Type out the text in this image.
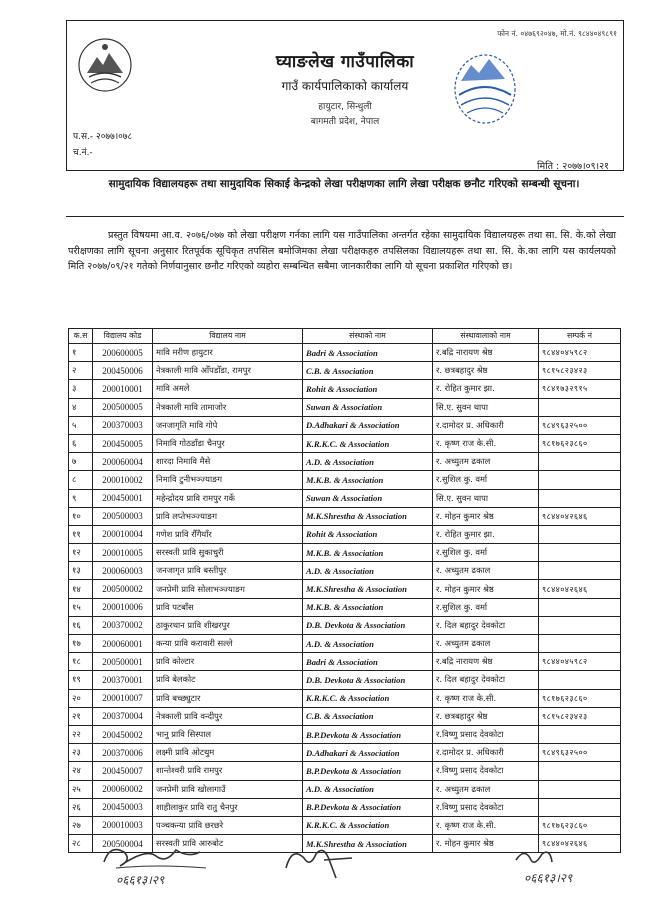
फोन नं. ०४७६९२०४७, मो.नं. ९८४४०४९८९१
घ्याङलेख गाउँपालिका
गाउँ कार्यपालिकाको कार्यालय
हायुटार, सिन्धुली
बागमती प्रदेश, नेपाल
प.स.- २०७७।०७८
च.नं.-
मिति : २०७७।०९।२१
सामुदायिक विद्यालयहरू तथा सामुदायिक सिकाई केन्द्रको लेखा परीक्षणका लागि लेखा परीक्षक छनौट गरिएको सम्बन्धी सूचना।
प्रस्तुत विषयमा आ.व. २०७६/०७७ को लेखा परीक्षण गर्नका लागि यस गाउँपालिका अन्तर्गत रहेका सामुदायिक विद्यालयहरू तथा सा. सि. के.को लेखा परीक्षणका लागि सूचना अनुसार रितपूर्वक सूचिकृत तपसिल बमोजिमका लेखा परीक्षकहरु तपसिलका विद्यालयहरू तथा सा. सि. के.का लागि यस कार्यलयको मिति २०७७/०९/२१ गतेको निर्णयानुसार छनौट गरिएको व्यहोरा सम्बन्धित सबैमा जानकारीका लागि यो सूचना प्रकाशित गरिएको छ।
क.स	विद्यालय कोड	विद्यालय नाम	संस्थाको नाम	संस्थावालाको नाम	सम्पर्क नं
१	200600005	मावि मरीण हायुटार	Badri & Association	र.बद्रि नारायण श्रेष्ठ	९८४४०४५९८२
२	200450006	नेत्रकाली मावि ओँपडोँडा, रामपुर	C.B. & Association	र. छत्रबहादुर श्रेष्ठ	९८१५८२३४२३
३	200010001	मावि अमले	Rohit & Association	र. रोहित कुमार झा.	९८४१७३२९१५
४	200500005	नेत्रकाली मावि तामाजोर	Suwan & Association	सि.ए. सुवन थापा	
५	200370003	जनजागृति मावि गोपे	D.Adhakari & Association	र.दामोदर प्र. अधिकारी	९८४९६३२५००
६	200450005	निमावि गोठडाँडा चैनपुर	K.R.K.C. & Association	र. कृष्ण राज के.सी.	९८१७६२३८६०
७	200060004	शारदा निमावि मैसे	A.D. & Association	र. अच्युतम ढकाल	
८	200010002	निमावि टुनीभञ्ज्याङग	M.K.B. & Association	र.सुशिल कु. वर्मा	
९	200450001	महेन्द्रोदय प्रावि रामपुर गर्के	Suwan & Association	सि.ए. सुवन थापा	
१०	200500003	प्रावि लप्तेभञ्ज्याङग	M.K.Shrestha & Association	र. मोहन कुमार श्रेष्ठ	९८४४०४२६४६
११	200010004	गणेश प्रावि रौँगैयाँर	Rohit & Association	र. रोहित कुमार झा.	
१२	200010005	सरस्वती प्रावि सुकाचुरी	M.K.B. & Association	र.सुशिल कु. वर्मा	
१३	200060003	जनजागृत प्रावि बस्तीपुर	A.D. & Association	र. अच्युतम ढकाल	
१४	200500002	जनप्रेमी प्रावि सोलाभञ्ज्याङग	M.K.Shrestha & Association	र. मोहन कुमार श्रेष्ठ	९८४४०४२६४६
१५	200010006	प्रावि पटबाँस	M.K.B. & Association	र.सुशिल कु. वर्मा	
१६	200370002	ठाकुरथान प्रावि शीखरपुर	D.B. Devkota & Association	र. दिल बहादुर देवकोटा	
१७	200060001	कन्या प्रावि करावारी सल्ले	A.D. & Association	र. अच्युतम ढकाल	
१८	200500001	प्रावि कोल्टार	Badri & Association	र.बद्रि नारायण श्रेष्ठ	९८४४०४५९८२
१९	200370001	प्रावि बेलकोट	D.B. Devkota & Association	र. दिल बहादुर देवकोटा	
२०	200010007	प्रावि बच्छ्युटार	K.R.K.C. & Association	र. कृष्ण राज के.सी.	९८१७६२३८६०
२१	200370004	नेत्रकाली प्रावि वन्दीपुर	C.B. & Association	र. छत्रबहादुर श्रेष्ठ	९८१५८२३४२३
२२	200450002	भानु प्रावि सिस्पाल	B.P.Devkota & Association	र.विष्णु प्रसाद देवकोटा	
२३	200370006	लक्ष्मी प्रावि ओटथुम	D.Adhakari & Association	र.दामोदर प्र. अधिकारी	९८४९६३२५००
२४	200450007	शान्तेश्वरी प्रावि रामपुर	B.P.Devkota & Association	र.विष्णु प्रसाद देवकोटा	
२५	200060002	जनप्रेमी प्रावि खोलागाउँ	A.D. & Association	र. अच्युतम ढकाल	
२६	200450003	शाहीलाकुर प्रावि रातु चैनपुर	B.P.Devkota & Association	र.विष्णु प्रसाद देवकोटा	
२७	200010003	पञ्चकन्या प्रावि छरछरे	K.R.K.C. & Association	र. कृष्ण राज के.सी.	९८१७६२३८६०
२८	200500004	सरस्वती प्रावि आरुबोट	M.K.Shrestha & Association	र. मोहन कुमार श्रेष्ठ	९८४४०४२६४६
०६६१३।२९	०६६१३।२९
